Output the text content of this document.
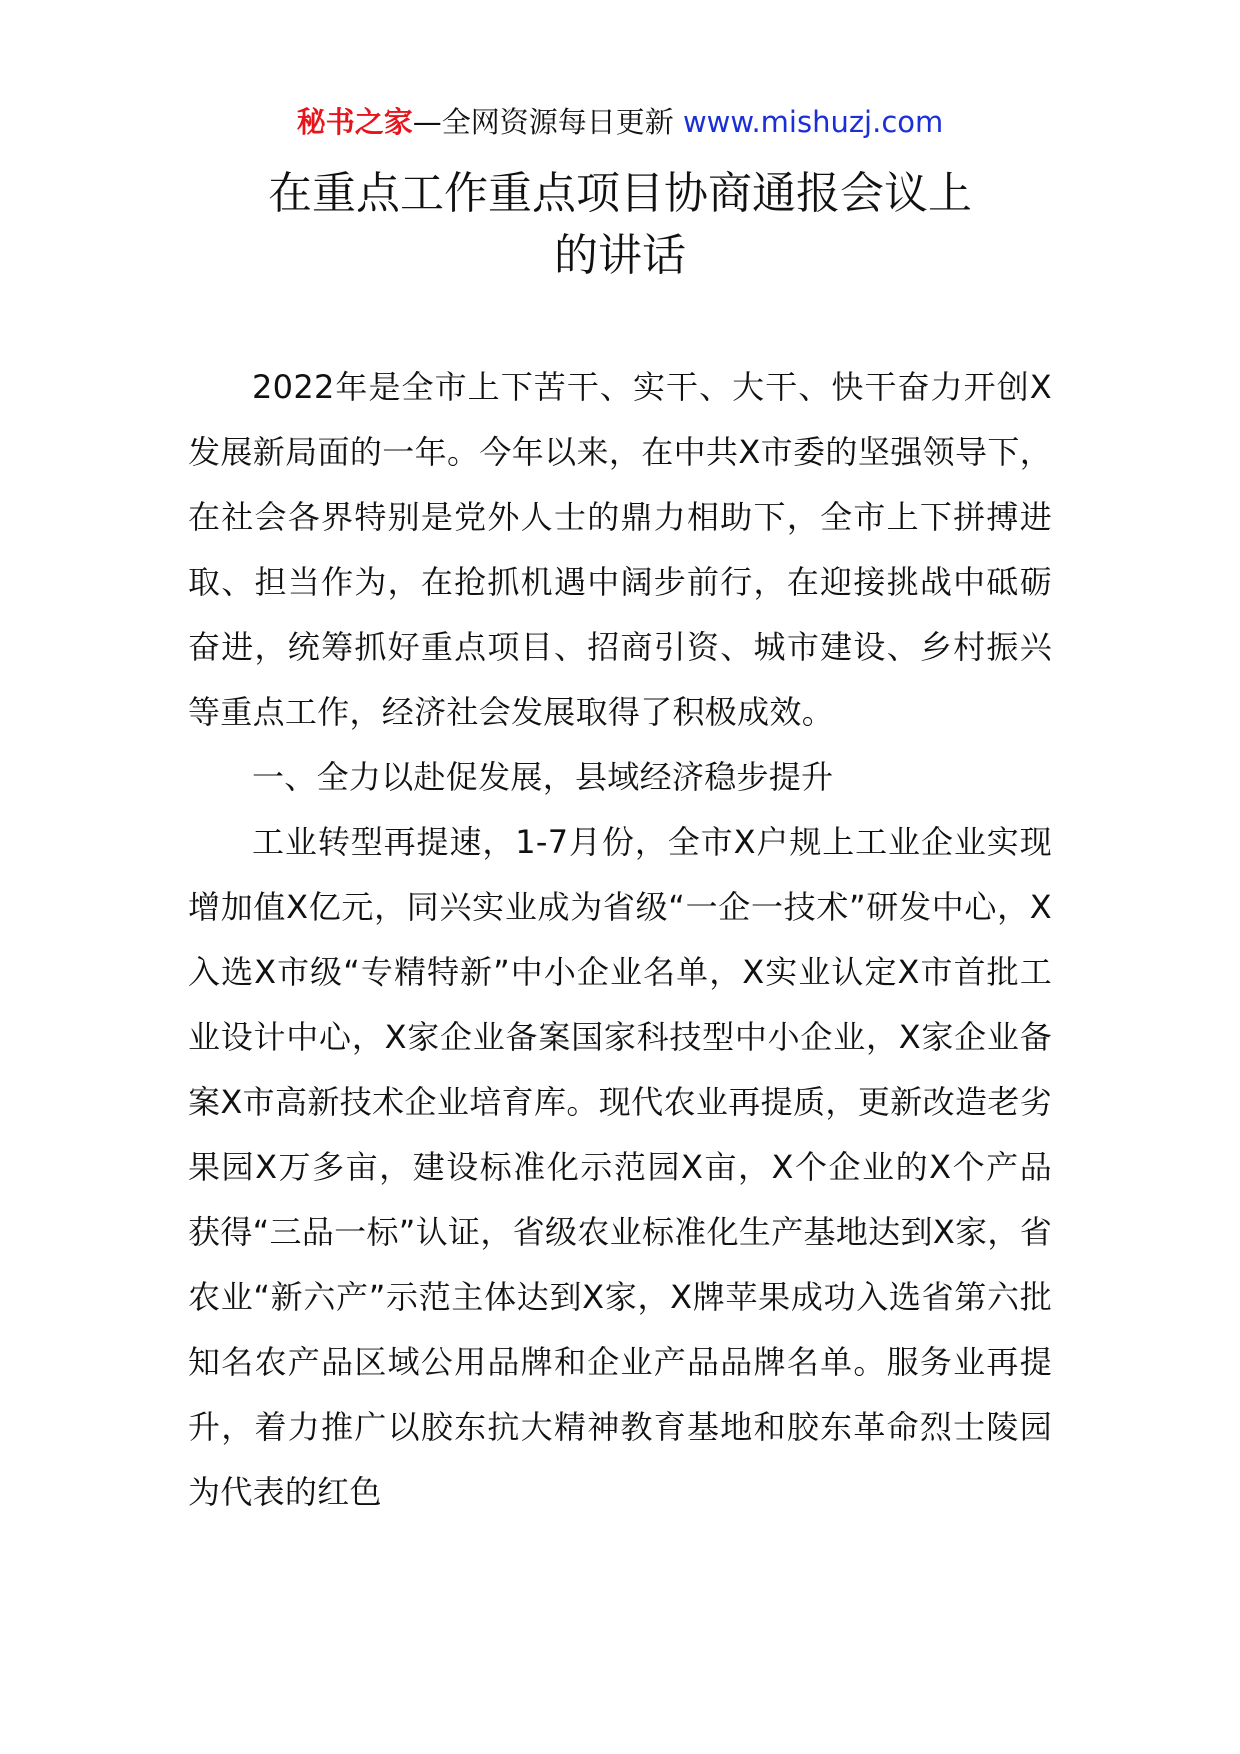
秘书之家—全网资源每日更新 www.mishuzj.com
在重点工作重点项目协商通报会议上
的讲话

2022年是全市上下苦干、实干、大干、快干奋力开创X发展新局面的一年。今年以来，在中共X市委的坚强领导下，在社会各界特别是党外人士的鼎力相助下，全市上下拼搏进取、担当作为，在抢抓机遇中阔步前行，在迎接挑战中砥砺奋进，统筹抓好重点项目、招商引资、城市建设、乡村振兴等重点工作，经济社会发展取得了积极成效。

一、全力以赴促发展，县域经济稳步提升

工业转型再提速，1-7月份，全市X户规上工业企业实现增加值X亿元，同兴实业成为省级“一企一技术”研发中心，X入选X市级“专精特新”中小企业名单，X实业认定X市首批工业设计中心，X家企业备案国家科技型中小企业，X家企业备案X市高新技术企业培育库。现代农业再提质，更新改造老劣果园X万多亩，建设标准化示范园X亩，X个企业的X个产品获得“三品一标”认证，省级农业标准化生产基地达到X家，省农业“新六产”示范主体达到X家，X牌苹果成功入选省第六批知名农产品区域公用品牌和企业产品品牌名单。服务业再提升，着力推广以胶东抗大精神教育基地和胶东革命烈士陵园为代表的红色
